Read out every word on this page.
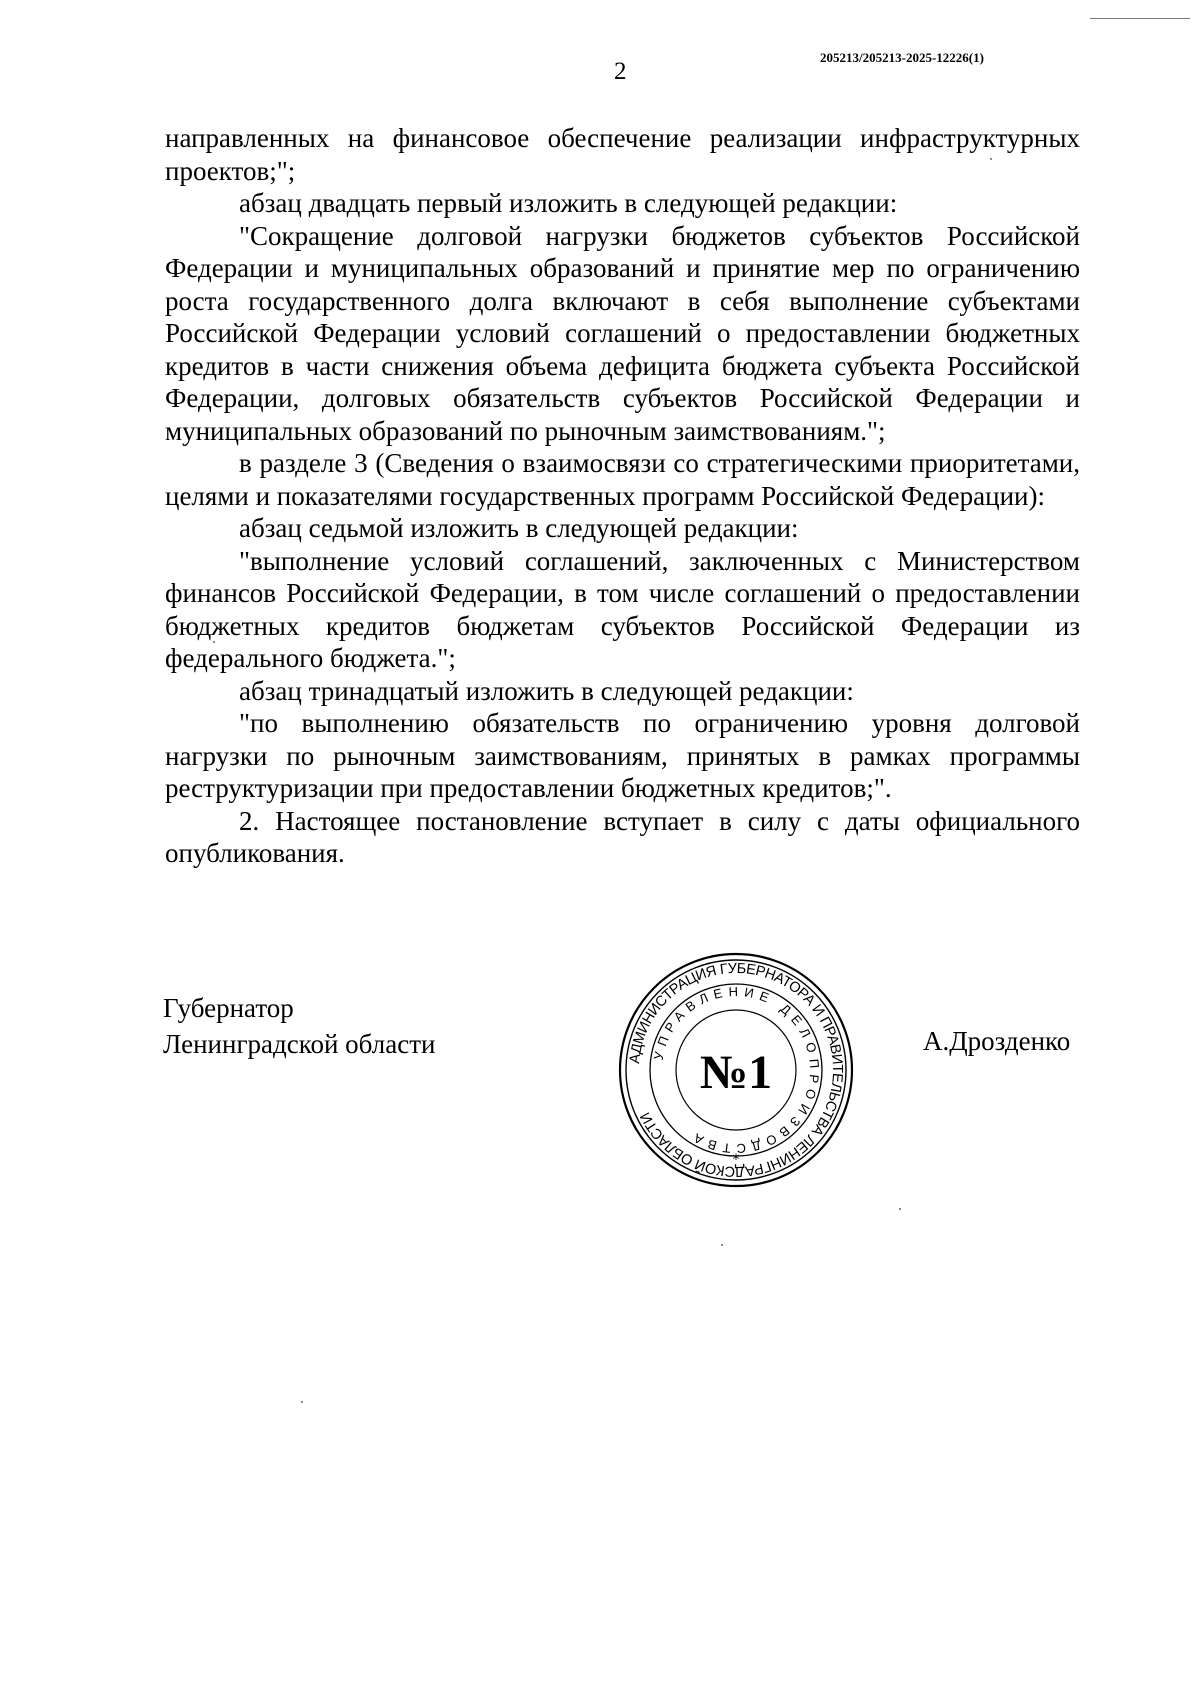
205213/205213-2025-12226(1)
2

направленных на финансовое обеспечение реализации инфраструктурных проектов;";

абзац двадцать первый изложить в следующей редакции:

"Сокращение долговой нагрузки бюджетов субъектов Российской Федерации и муниципальных образований и принятие мер по ограничению роста государственного долга включают в себя выполнение субъектами Российской Федерации условий соглашений о предоставлении бюджетных кредитов в части снижения объема дефицита бюджета субъекта Российской Федерации, долговых обязательств субъектов Российской Федерации и муниципальных образований по рыночным заимствованиям.";

в разделе 3 (Сведения о взаимосвязи со стратегическими приоритетами, целями и показателями государственных программ Российской Федерации):

абзац седьмой изложить в следующей редакции:

"выполнение условий соглашений, заключенных с Министерством финансов Российской Федерации, в том числе соглашений о предоставлении бюджетных кредитов бюджетам субъектов Российской Федерации из федерального бюджета.";

абзац тринадцатый изложить в следующей редакции:

"по выполнению обязательств по ограничению уровня долговой нагрузки по рыночным заимствованиям, принятых в рамках программы реструктуризации при предоставлении бюджетных кредитов;".

2. Настоящее постановление вступает в силу с даты официального опубликования.

Губернатор
Ленинградской области	АДМИНИСТРАЦИЯ ГУБЕРНАТОРА И ПРАВИТЕЛЬСТВА ЛЕНИНГРАДСКОЙ ОБЛАСТИ
УПРАВЛЕНИЕ ДЕЛОПРОИЗВОДСТВА
№1
*
А.Дрозденко
